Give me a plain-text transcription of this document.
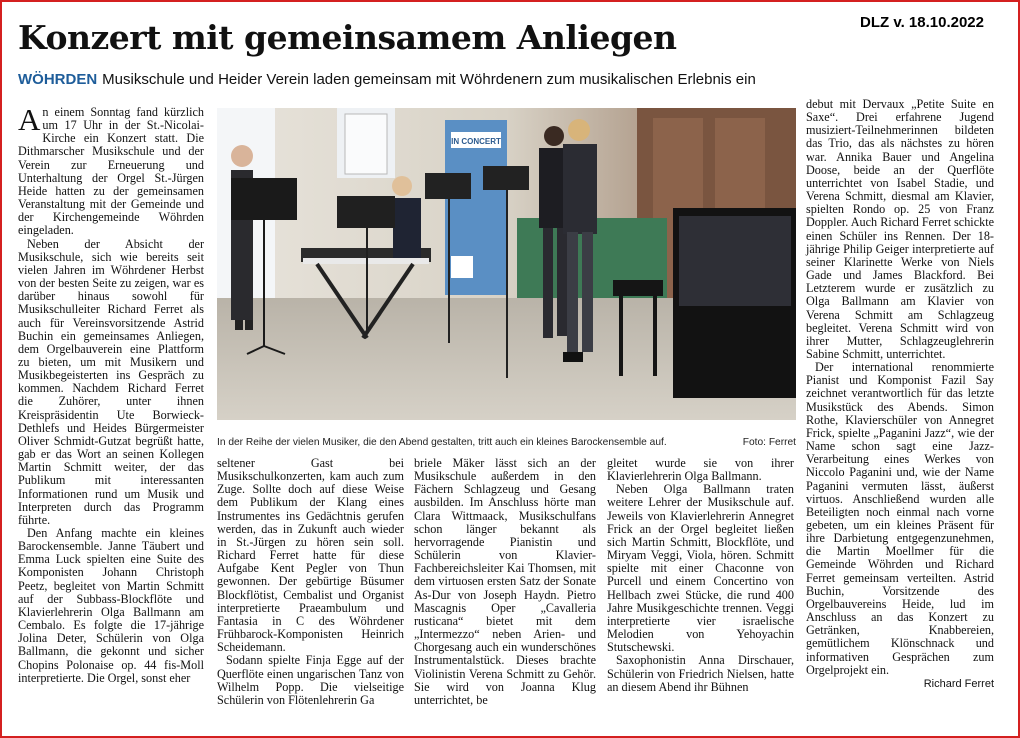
DLZ v. 18.10.2022
Konzert mit gemeinsamem Anliegen
WÖHRDEN Musikschule und Heider Verein laden gemeinsam mit Wöhrdenern zum musikalischen Erlebnis ein

An einem Sonntag fand kürzlich um 17 Uhr in der St.-Nicolai-Kirche ein Konzert statt. Die Dithmarscher Musikschule und der Verein zur Erneuerung und Unterhaltung der Orgel St.-Jürgen Heide hatten zu der gemeinsamen Veranstaltung mit der Gemeinde und der Kirchengemeinde Wöhrden eingeladen.

Neben der Absicht der Musikschule, sich wie bereits seit vielen Jahren im Wöhrdener Herbst von der besten Seite zu zeigen, war es darüber hinaus sowohl für Musikschulleiter Richard Ferret als auch für Vereinsvorsitzende Astrid Buchin ein gemeinsames Anliegen, dem Orgelbauverein eine Plattform zu bieten, um mit Musikern und Musikbegeisterten ins Gespräch zu kommen. Nachdem Richard Ferret die Zuhörer, unter ihnen Kreispräsidentin Ute Borwieck-Dethlefs und Heides Bürgermeister Oliver Schmidt-Gutzat begrüßt hatte, gab er das Wort an seinen Kollegen Martin Schmitt weiter, der das Publikum mit interessanten Informationen rund um Musik und Interpreten durch das Programm führte.

Den Anfang machte ein kleines Barockensemble. Janne Täubert und Emma Luck spielten eine Suite des Komponisten Johann Christoph Peetz, begleitet von Martin Schmitt auf der Subbass-Blockflöte und Klavierlehrerin Olga Ballmann am Cembalo. Es folgte die 17-jährige Jolina Deter, Schülerin von Olga Ballmann, die gekonnt und sicher Chopins Polonaise op. 44 fis-Moll interpretierte. Die Orgel, sonst eher

IN CONCERT
In der Reihe der vielen Musiker, die den Abend gestalten, tritt auch ein kleines Barockensemble auf.	Foto: Ferret

debut mit Dervaux „Petite Suite en Saxe“. Drei erfahrene Jugend musiziert-Teilnehmerinnen bildeten das Trio, das als nächstes zu hören war. Annika Bauer und Angelina Doose, beide an der Querflöte unterrichtet von Isabel Stadie, und Verena Schmitt, diesmal am Klavier, spielten Rondo op. 25 von Franz Doppler. Auch Richard Ferret schickte einen Schüler ins Rennen. Der 18-jährige Philip Geiger interpretierte auf seiner Klarinette Werke von Niels Gade und James Blackford. Bei Letzterem wurde er zusätzlich zu Olga Ballmann am Klavier von Verena Schmitt am Schlagzeug begleitet. Verena Schmitt wird von ihrer Mutter, Schlagzeuglehrerin Sabine Schmitt, unterrichtet.

Der international renommierte Pianist und Komponist Fazil Say zeichnet verantwortlich für das letzte Musikstück des Abends. Simon Rothe, Klavierschüler von Annegret Frick, spielte „Paganini Jazz“, wie der Name schon sagt eine Jazz-Verarbeitung eines Werkes von Niccolo Paganini und, wie der Name Paganini vermuten lässt, äußerst virtuos. Anschließend wurden alle Beteiligten noch einmal nach vorne gebeten, um ein kleines Präsent für ihre Darbietung entgegenzunehmen, die Martin Moellmer für die Gemeinde Wöhrden und Richard Ferret gemeinsam verteilten. Astrid Buchin, Vorsitzende des Orgelbauvereins Heide, lud im Anschluss an das Konzert zu Getränken, Knabbereien, gemütlichem Klönschnack und informativen Gesprächen zum Orgelprojekt ein.

Richard Ferret

seltener Gast bei Musikschulkonzerten, kam auch zum Zuge. Sollte doch auf diese Weise dem Publikum der Klang eines Instrumentes ins Gedächtnis gerufen werden, das in Zukunft auch wieder in St.-Jürgen zu hören sein soll. Richard Ferret hatte für diese Aufgabe Kent Pegler von Thun gewonnen. Der gebürtige Büsumer Blockflötist, Cembalist und Organist interpretierte Praeambulum und Fantasia in C des Wöhrdener Frühbarock-Komponisten Heinrich Scheidemann.

Sodann spielte Finja Egge auf der Querflöte einen ungarischen Tanz von Wilhelm Popp. Die vielseitige Schülerin von Flötenlehrerin Ga

briele Mäker lässt sich an der Musikschule außerdem in den Fächern Schlagzeug und Gesang ausbilden. Im Anschluss hörte man Clara Wittmaack, Musikschulfans schon länger bekannt als hervorragende Pianistin und Schülerin von Klavier-Fachbereichsleiter Kai Thomsen, mit dem virtuosen ersten Satz der Sonate As-Dur von Joseph Haydn. Pietro Mascagnis Oper „Cavalleria rusticana“ bietet mit dem „Intermezzo“ neben Arien- und Chorgesang auch ein wunderschönes Instrumentalstück. Dieses brachte Violinistin Verena Schmitt zu Gehör. Sie wird von Joanna Klug unterrichtet, be

gleitet wurde sie von ihrer Klavierlehrerin Olga Ballmann.

Neben Olga Ballmann traten weitere Lehrer der Musikschule auf. Jeweils von Klavierlehrerin Annegret Frick an der Orgel begleitet ließen sich Martin Schmitt, Blockflöte, und Miryam Veggi, Viola, hören. Schmitt spielte mit einer Chaconne von Purcell und einem Concertino von Hellbach zwei Stücke, die rund 400 Jahre Musikgeschichte trennen. Veggi interpretierte vier israelische Melodien von Yehoyachin Stutschewski.

Saxophonistin Anna Dirschauer, Schülerin von Friedrich Nielsen, hatte an diesem Abend ihr Bühnen
